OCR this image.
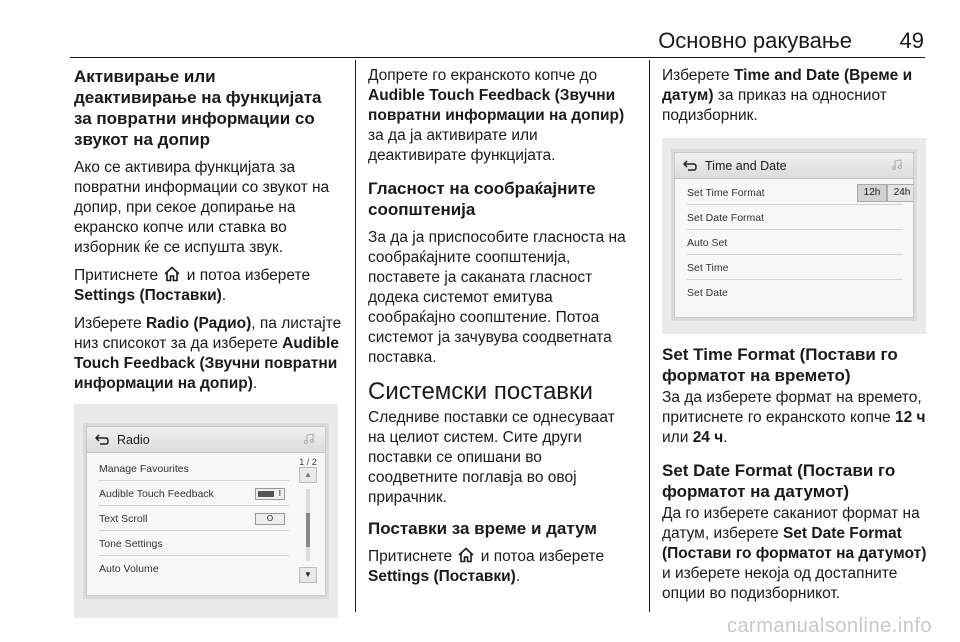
Основно ракување 49
Активирање или деактивирање на функцијата за повратни информации со звукот на допир
Ако се активира функцијата за повратни информации со звукот на допир, при секое допирање на екранско копче или ставка во изборник ќе се испушта звук.
Притиснете и потоа изберете Settings (Поставки).
Изберете Radio (Радио), па листајте низ списокот за да изберете Audible Touch Feedback (Звучни повратни информации на допир).
Radio
Manage Favourites
Audible Touch Feedback	I
Text Scroll	O
Tone Settings
Auto Volume
1 / 2
▲
▼
Допрете го екранското копче до Audible Touch Feedback (Звучни повратни информации на допир) за да ја активирате или деактивирате функцијата.
Гласност на сообраќајните соопштенија
За да ја приспособите гласноста на сообраќајните соопштенија, поставете ја саканата гласност додека системот емитува сообраќајно соопштение. Потоа системот ја зачувува соодветната поставка.
Системски поставки
Следниве поставки се однесуваат на целиот систем. Сите други поставки се опишани во соодветните поглавја во овој прирачник.
Поставки за време и датум
Притиснете и потоа изберете Settings (Поставки).
Изберете Time and Date (Време и датум) за приказ на односниот подизборник.
Time and Date
Set Time Format	12h	24h
Set Date Format
Auto Set
Set Time
Set Date
Set Time Format (Постави го форматот на времето)
За да изберете формат на времето, притиснете го екранското копче 12 ч или 24 ч.
Set Date Format (Постави го форматот на датумот)
Да го изберете саканиот формат на датум, изберете Set Date Format (Постави го форматот на датумот) и изберете некоја од достапните опции во подизборникот.
carmanualsonline.info
